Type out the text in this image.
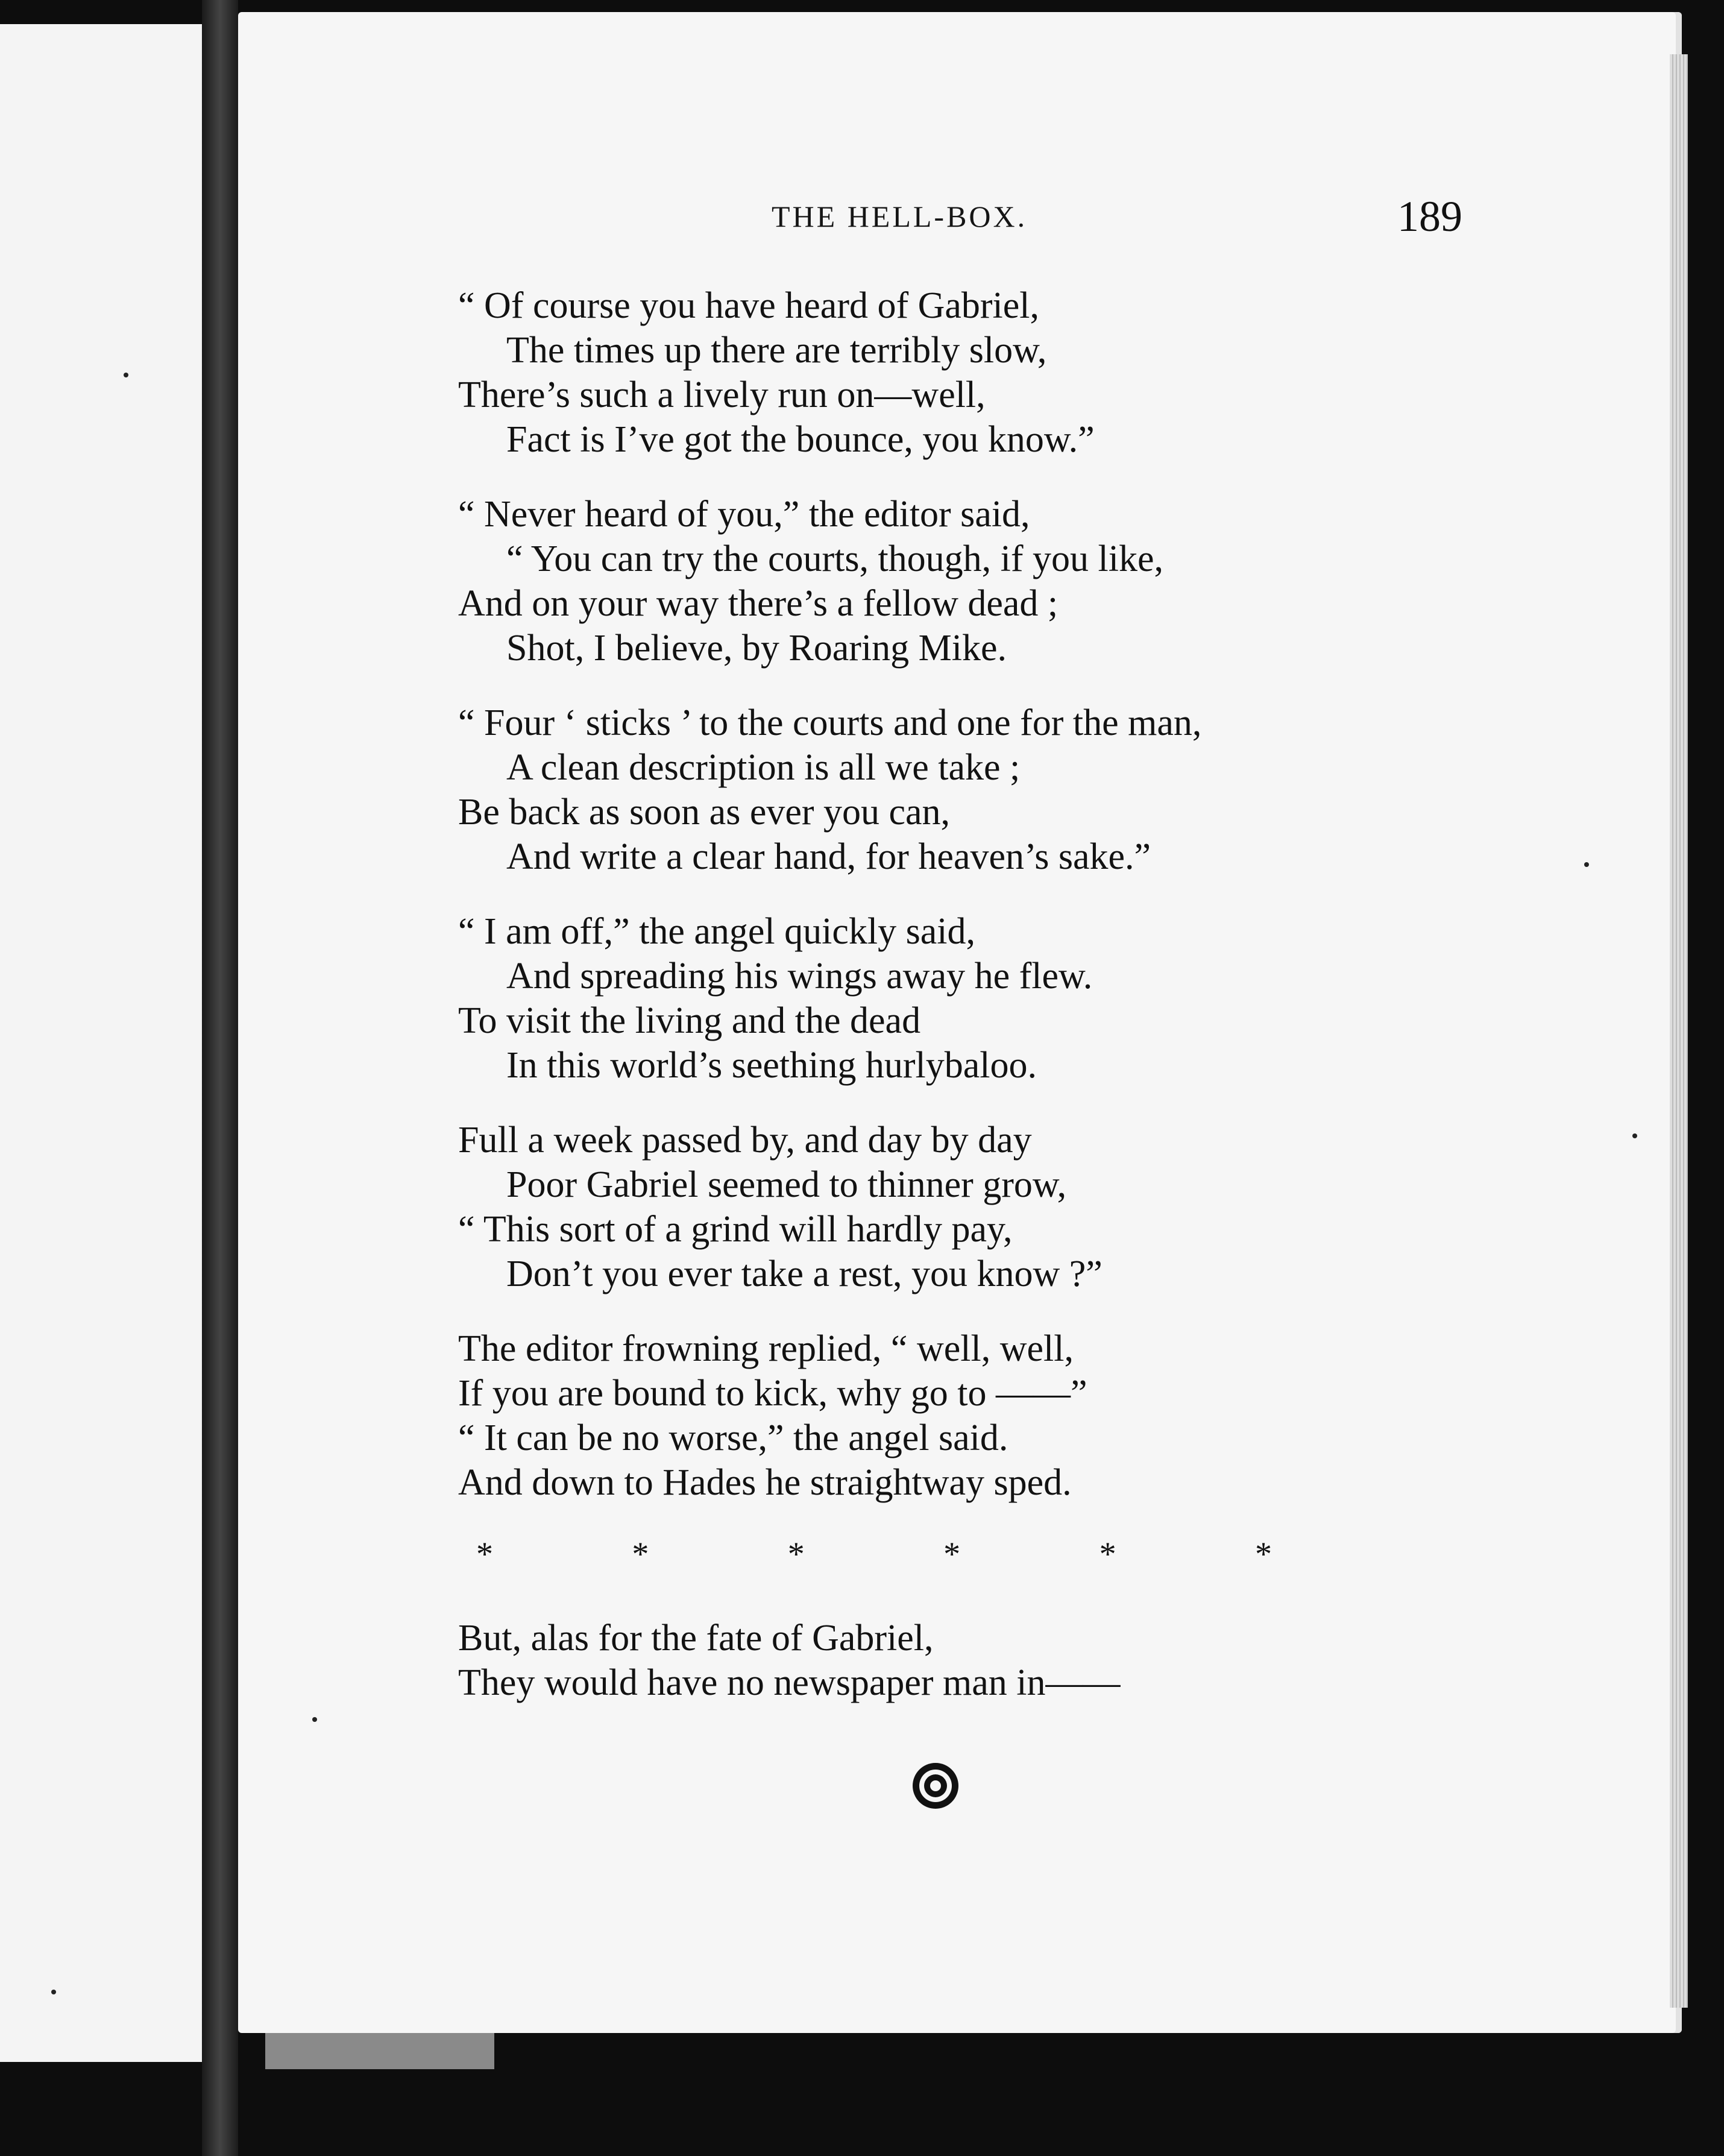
THE HELL-BOX.	189
“ Of course you have heard of Gabriel,
The times up there are terribly slow,
There’s such a lively run on—well,
Fact is I’ve got the bounce, you know.”
“ Never heard of you,” the editor said,
“ You can try the courts, though, if you like,
And on your way there’s a fellow dead ;
Shot, I believe, by Roaring Mike.
“ Four ‘ sticks ’ to the courts and one for the man,
A clean description is all we take ;
Be back as soon as ever you can,
And write a clear hand, for heaven’s sake.”
“ I am off,” the angel quickly said,
And spreading his wings away he flew.
To visit the living and the dead
In this world’s seething hurlybaloo.
Full a week passed by, and day by day
Poor Gabriel seemed to thinner grow,
“ This sort of a grind will hardly pay,
Don’t you ever take a rest, you know ?”
The editor frowning replied, “ well, well,
If you are bound to kick, why go to ——”
“ It can be no worse,” the angel said.
And down to Hades he straightway sped.
*	*	*	*	*	*
But, alas for the fate of Gabriel,
They would have no newspaper man in——
